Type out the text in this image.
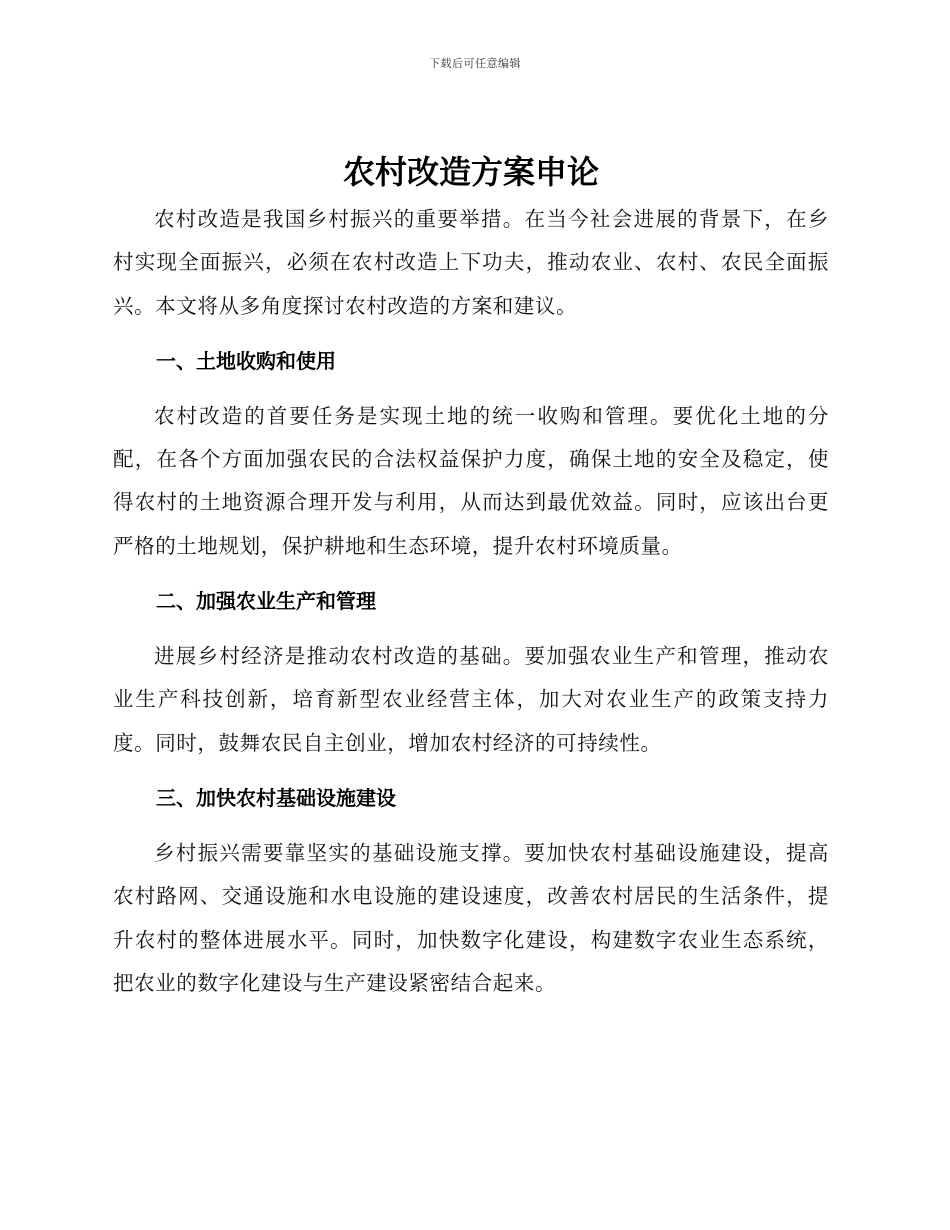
下载后可任意编辑
农村改造方案申论

农村改造是我国乡村振兴的重要举措。在当今社会进展的背景下，在乡村实现全面振兴，必须在农村改造上下功夫，推动农业、农村、农民全面振兴。本文将从多角度探讨农村改造的方案和建议。

一、土地收购和使用

农村改造的首要任务是实现土地的统一收购和管理。要优化土地的分配，在各个方面加强农民的合法权益保护力度，确保土地的安全及稳定，使得农村的土地资源合理开发与利用，从而达到最优效益。同时，应该出台更严格的土地规划，保护耕地和生态环境，提升农村环境质量。

二、加强农业生产和管理

进展乡村经济是推动农村改造的基础。要加强农业生产和管理，推动农业生产科技创新，培育新型农业经营主体，加大对农业生产的政策支持力度。同时，鼓舞农民自主创业，增加农村经济的可持续性。

三、加快农村基础设施建设

乡村振兴需要靠坚实的基础设施支撑。要加快农村基础设施建设，提高农村路网、交通设施和水电设施的建设速度，改善农村居民的生活条件，提升农村的整体进展水平。同时，加快数字化建设，构建数字农业生态系统，把农业的数字化建设与生产建设紧密结合起来。
